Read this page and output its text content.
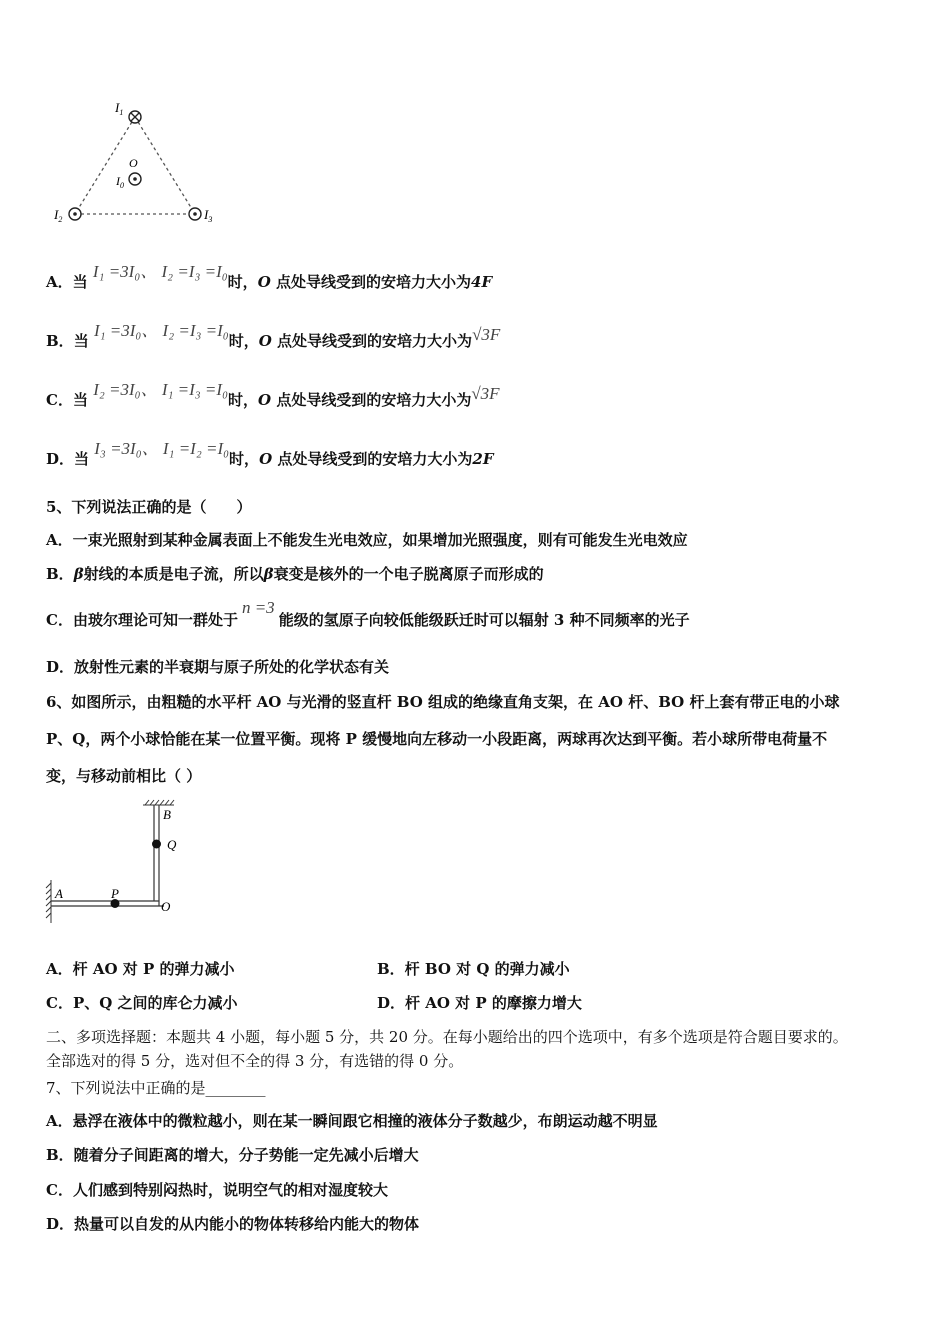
$I_1$
O
$I_0$
$I_2$	$I_3$
A．当 I₁ =3I₀、 I₂ =I₃ =I₀时，O 点处导线受到的安培力大小为4F
B．当 I₁ =3I₀、 I₂ =I₃ =I₀时，O 点处导线受到的安培力大小为√3F
C．当 I₂ =3I₀、 I₁ =I₃ =I₀时，O 点处导线受到的安培力大小为√3F
D．当 I₃ =3I₀、 I₁ =I₂ =I₀时，O 点处导线受到的安培力大小为2F
5、下列说法正确的是（　　）
A．一束光照射到某种金属表面上不能发生光电效应，如果增加光照强度，则有可能发生光电效应
B．β射线的本质是电子流，所以β衰变是核外的一个电子脱离原子而形成的
C．由玻尔理论可知一群处于n =3能级的氢原子向较低能级跃迁时可以辐射 3 种不同频率的光子
D．放射性元素的半衰期与原子所处的化学状态有关
6、如图所示，由粗糙的水平杆 AO 与光滑的竖直杆 BO 组成的绝缘直角支架，在 AO 杆、BO 杆上套有带正电的小球
P、Q，两个小球恰能在某一位置平衡。现将 P 缓慢地向左移动一小段距离，两球再次达到平衡。若小球所带电荷量不
变，与移动前相比（ ）
A	P
O
Q
B
A．杆 AO 对 P 的弹力减小	B．杆 BO 对 Q 的弹力减小
C．P、Q 之间的库仑力减小	D．杆 AO 对 P 的摩擦力增大
二、多项选择题：本题共 4 小题，每小题 5 分，共 20 分。在每小题给出的四个选项中，有多个选项是符合题目要求的。
全部选对的得 5 分，选对但不全的得 3 分，有选错的得 0 分。
7、下列说法中正确的是________
A．悬浮在液体中的微粒越小，则在某一瞬间跟它相撞的液体分子数越少，布朗运动越不明显
B．随着分子间距离的增大，分子势能一定先减小后增大
C．人们感到特别闷热时，说明空气的相对湿度较大
D．热量可以自发的从内能小的物体转移给内能大的物体
